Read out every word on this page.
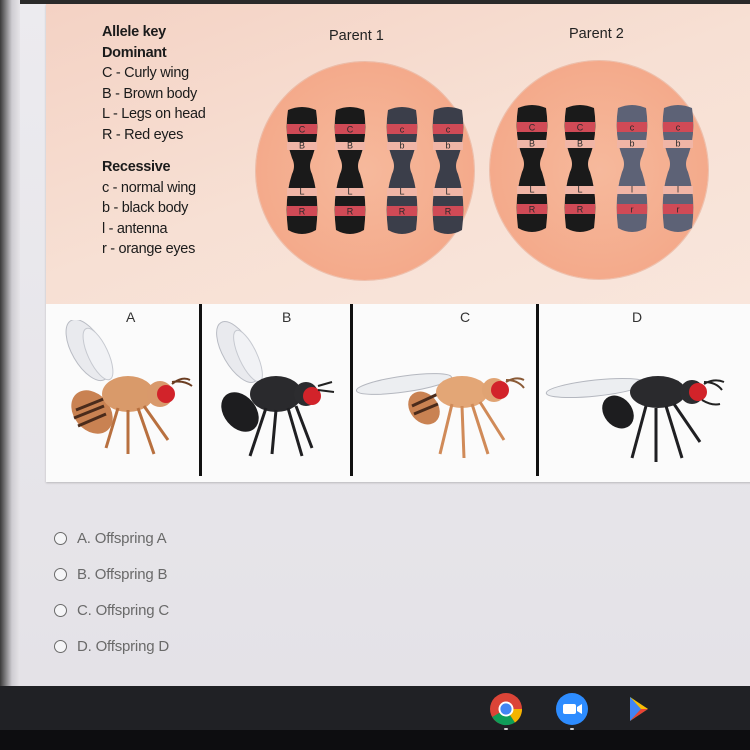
Allele key
Dominant
C - Curly wing
B - Brown body
L - Legs on head
R - Red eyes
Recessive
c - normal wing
b - black body
l - antenna
r - orange eyes
Parent 1	Parent 2
C
B
L
R
C
B
L
R
c
b
L
R
c
b
L
R
C
B
L
R
C
B
L
R
c
b
l
r
c
b
l
r
A	B	C	D
A. Offspring A
B. Offspring B
C. Offspring C
D. Offspring D
